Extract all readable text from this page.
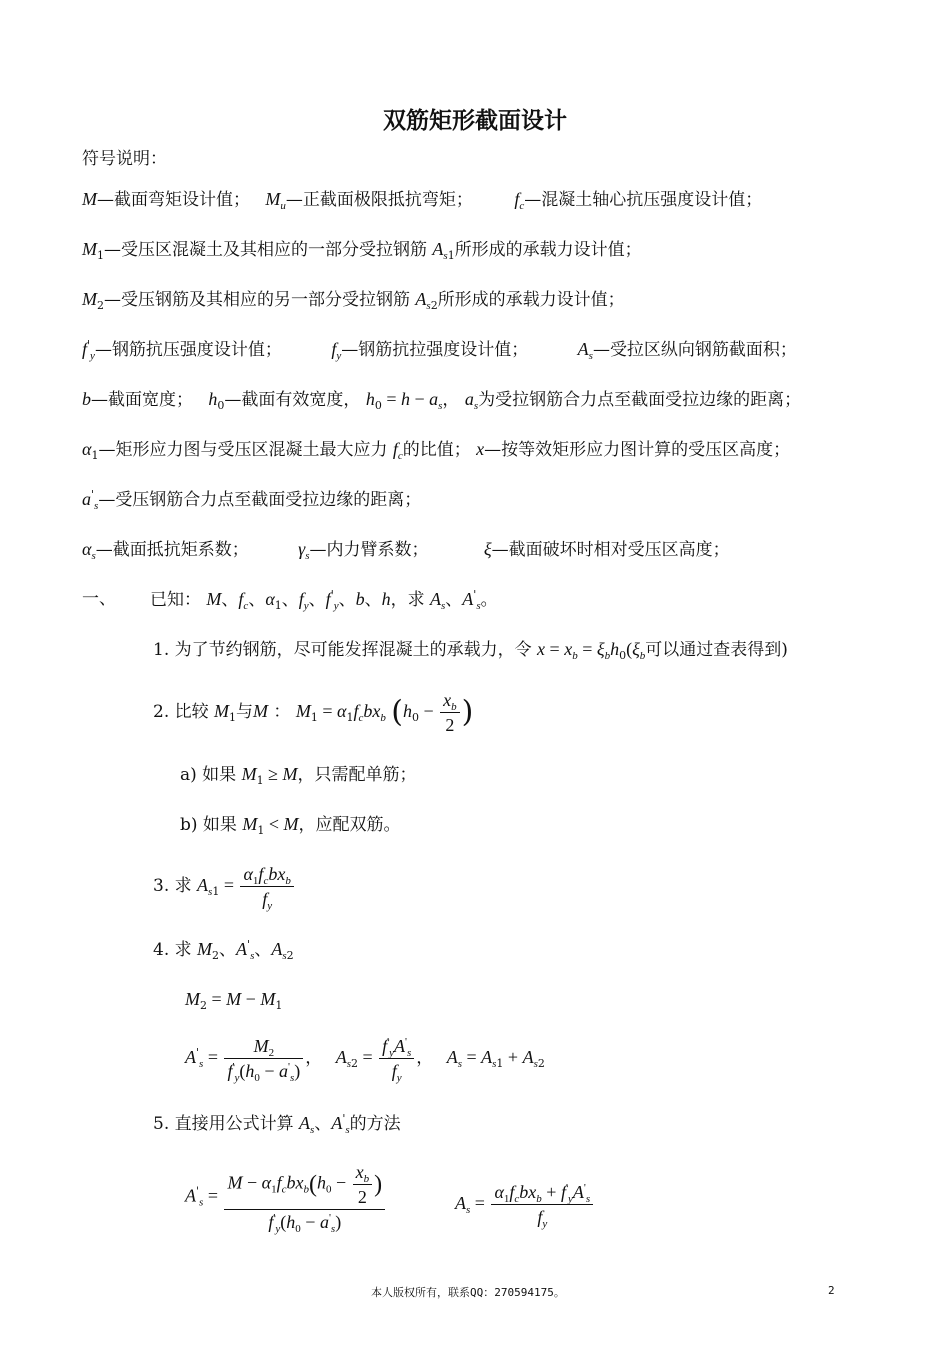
双筋矩形截面设计
符号说明：
M—截面弯矩设计值； $M_u—$正截面极限抵抗弯矩； $f_c—$混凝土轴心抗压强度设计值；
$M_1—$受压区混凝土及其相应的一部分受拉钢筋 $A_{s1}$所形成的承载力设计值；
$M_2—$受压钢筋及其相应的另一部分受拉钢筋 $A_{s2}$所形成的承载力设计值；
$f'_y—$钢筋抗压强度设计值；	$f_y—$钢筋抗拉强度设计值；	$A_s—$受拉区纵向钢筋截面积；
b—截面宽度； $h_0—$截面有效宽度， $h_0 = h - a_s$， $a_s$为受拉钢筋合力点至截面受拉边缘的距离；
$\alpha_1—$矩形应力图与受压区混凝土最大应力 $f_c$的比值； x—按等效矩形应力图计算的受压区高度；
$a'_s—$受压钢筋合力点至截面受拉边缘的距离；
$\alpha_s—$截面抵抗矩系数；	$\gamma_s—$内力臂系数；	ξ—截面破坏时相对受压区高度；
一、 已知： M、$f_c$、$\alpha_1$、$f_y$、$f'_y$、b、h，求 $A_s$、$A'_s$。
1. 为了节约钢筋，尽可能发挥混凝土的承载力，令 $x = x_b = \xi_bh_0(\xi_b$可以通过查表得到)
2. 比较 $M_1$与M ： $M_1 = \alpha_1f_cbx_b$ ($h_0 - \frac{x_b}{2}$ )
a) 如果 $M_1 \ge M$，只需配单筋；
b) 如果 $M_1 < M$，应配双筋。
3. 求 $A_{s1} = \frac{\alpha_1f_cbx_b}{f_y}$
4. 求 $M_2$、$A'_s$、$A_{s2}$
$M_2 = M - M_1$
$A'_s = \frac{M_2}{f'_y(h_0 - a'_s)}$ ， $A_{s2} = \frac{f'_yA'_s}{f_y}$ ， $A_s = A_{s1} + A_{s2}$
5. 直接用公式计算 $A_s$、$A'_s$的方法
$A'_s = \frac{M - \alpha_1f_cbx_b(h_0 - \frac{x_b}{2} )}{f'_y(h_0 - a'_s)}$	$A_s = \frac{\alpha_1f_cbx_b + f'_yA'_s}{f_y}$
本人版权所有，联系QQ：270594175。	2
